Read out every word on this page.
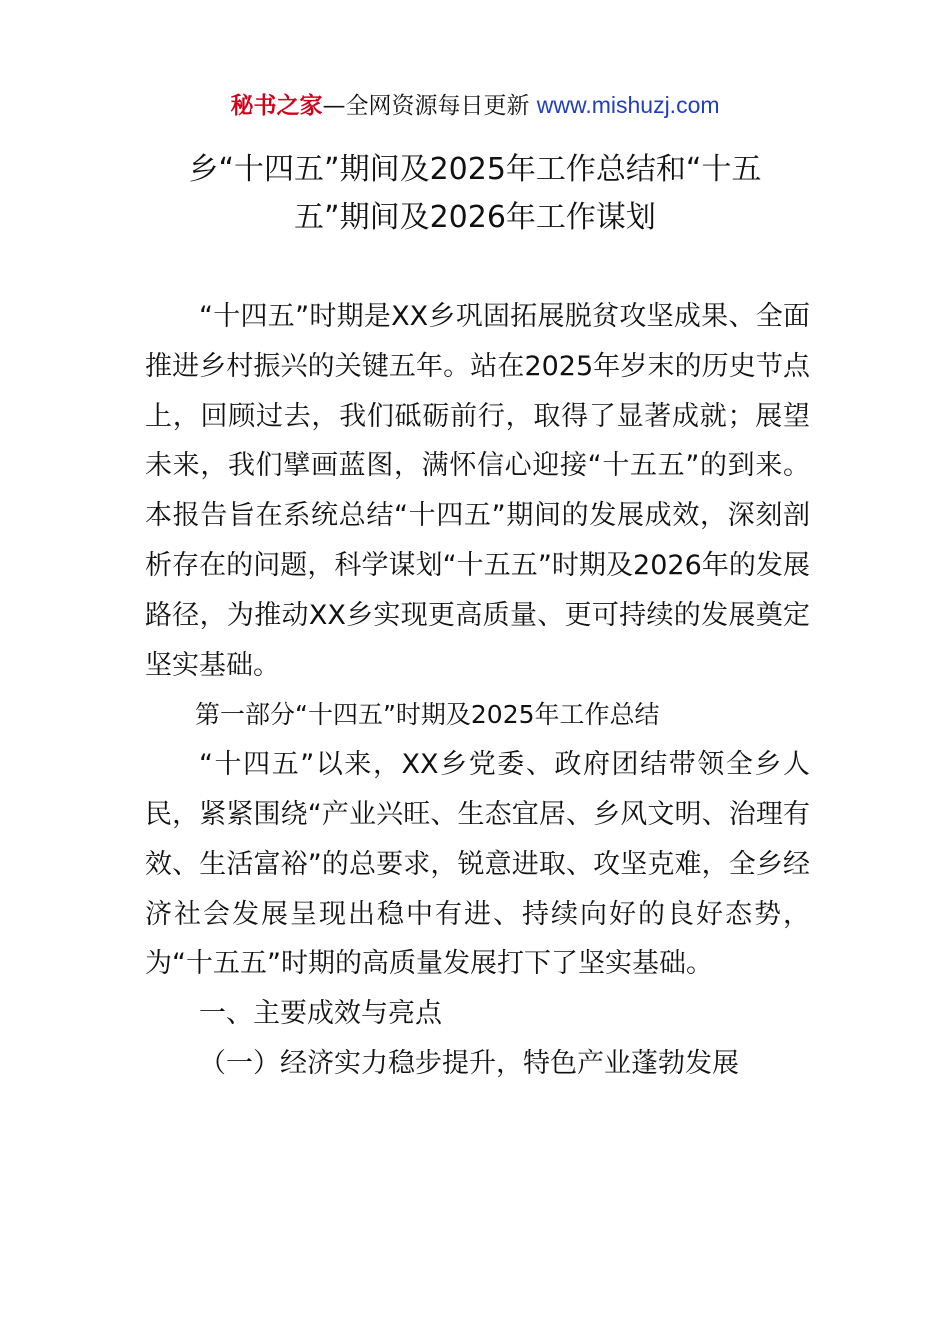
秘书之家—全网资源每日更新 www.mishuzj.com
乡“十四五”期间及2025年工作总结和“十五
五”期间及2026年工作谋划

“十四五”时期是XX乡巩固拓展脱贫攻坚成果、全面推进乡村振兴的关键五年。站在2025年岁末的历史节点上，回顾过去，我们砥砺前行，取得了显著成就；展望未来，我们擘画蓝图，满怀信心迎接“十五五”的到来。本报告旨在系统总结“十四五”期间的发展成效，深刻剖析存在的问题，科学谋划“十五五”时期及2026年的发展路径，为推动XX乡实现更高质量、更可持续的发展奠定坚实基础。

第一部分“十四五”时期及2025年工作总结

“十四五”以来，XX乡党委、政府团结带领全乡人民，紧紧围绕“产业兴旺、生态宜居、乡风文明、治理有效、生活富裕”的总要求，锐意进取、攻坚克难，全乡经济社会发展呈现出稳中有进、持续向好的良好态势，为“十五五”时期的高质量发展打下了坚实基础。

一、主要成效与亮点

（一）经济实力稳步提升，特色产业蓬勃发展
